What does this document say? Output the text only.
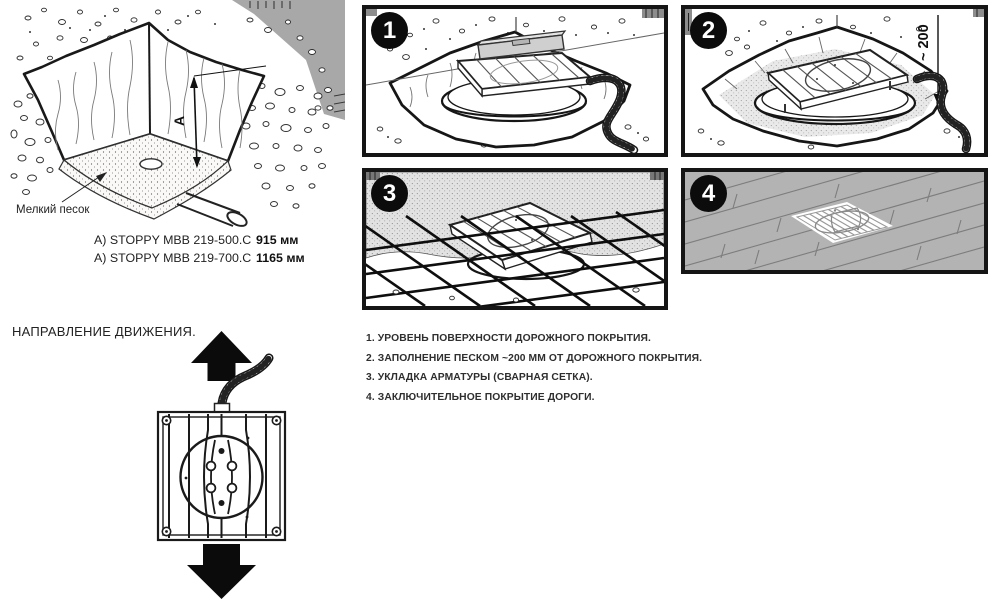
A
Мелкий песок
A) STOPPY MBB 219-500.C 915 мм
A) STOPPY MBB 219-700.C 1165 мм
НАПРАВЛЕНИЕ ДВИЖЕНИЯ.
1	~ 200
2
3	4
1. УРОВЕНЬ ПОВЕРХНОСТИ ДОРОЖНОГО ПОКРЫТИЯ.
2. ЗАПОЛНЕНИЕ ПЕСКОМ ~200 ММ ОТ ДОРОЖНОГО ПОКРЫТИЯ.
3. УКЛАДКА АРМАТУРЫ (СВАРНАЯ СЕТКА).
4. ЗАКЛЮЧИТЕЛЬНОЕ ПОКРЫТИЕ ДОРОГИ.
